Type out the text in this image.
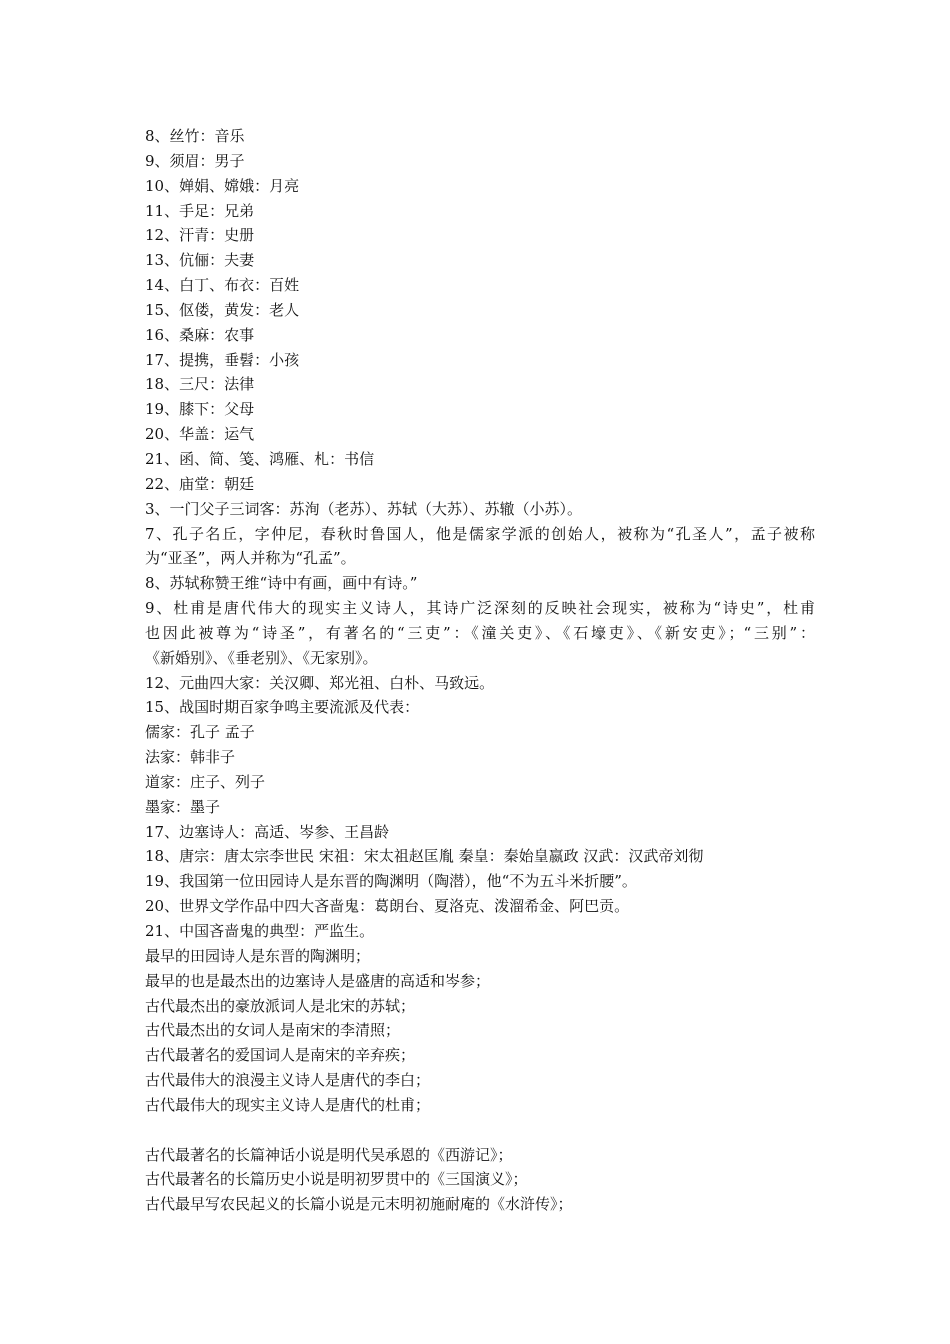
8、丝竹：音乐
9、须眉：男子
10、婵娟、嫦娥：月亮
11、手足：兄弟
12、汗青：史册
13、伉俪：夫妻
14、白丁、布衣：百姓
15、伛偻，黄发：老人
16、桑麻：农事
17、提携，垂髫：小孩
18、三尺：法律
19、膝下：父母
20、华盖：运气
21、函、简、笺、鸿雁、札：书信
22、庙堂：朝廷
3、一门父子三词客：苏洵（老苏）、苏轼（大苏）、苏辙（小苏）。
7、孔子名丘，字仲尼，春秋时鲁国人，他是儒家学派的创始人，被称为“孔圣人”，孟子被称
为“亚圣”，两人并称为“孔孟”。
8、苏轼称赞王维“诗中有画，画中有诗。”
9、杜甫是唐代伟大的现实主义诗人，其诗广泛深刻的反映社会现实，被称为“诗史”，杜甫
也因此被尊为“诗圣”，有著名的“三吏”：《潼关吏》、《石壕吏》、《新安吏》；“三别”：
《新婚别》、《垂老别》、《无家别》。
12、元曲四大家：关汉卿、郑光祖、白朴、马致远。
15、战国时期百家争鸣主要流派及代表：
儒家：孔子 孟子
法家：韩非子
道家：庄子、列子
墨家：墨子
17、边塞诗人：高适、岑参、王昌龄
18、唐宗：唐太宗李世民 宋祖：宋太祖赵匡胤 秦皇：秦始皇嬴政 汉武：汉武帝刘彻
19、我国第一位田园诗人是东晋的陶渊明（陶潜），他“不为五斗米折腰”。
20、世界文学作品中四大吝啬鬼：葛朗台、夏洛克、泼溜希金、阿巴贡。
21、中国吝啬鬼的典型：严监生。
最早的田园诗人是东晋的陶渊明；
最早的也是最杰出的边塞诗人是盛唐的高适和岑参；
古代最杰出的豪放派词人是北宋的苏轼；
古代最杰出的女词人是南宋的李清照；
古代最著名的爱国词人是南宋的辛弃疾；
古代最伟大的浪漫主义诗人是唐代的李白；
古代最伟大的现实主义诗人是唐代的杜甫；
古代最著名的长篇神话小说是明代吴承恩的《西游记》；
古代最著名的长篇历史小说是明初罗贯中的《三国演义》；
古代最早写农民起义的长篇小说是元末明初施耐庵的《水浒传》；
